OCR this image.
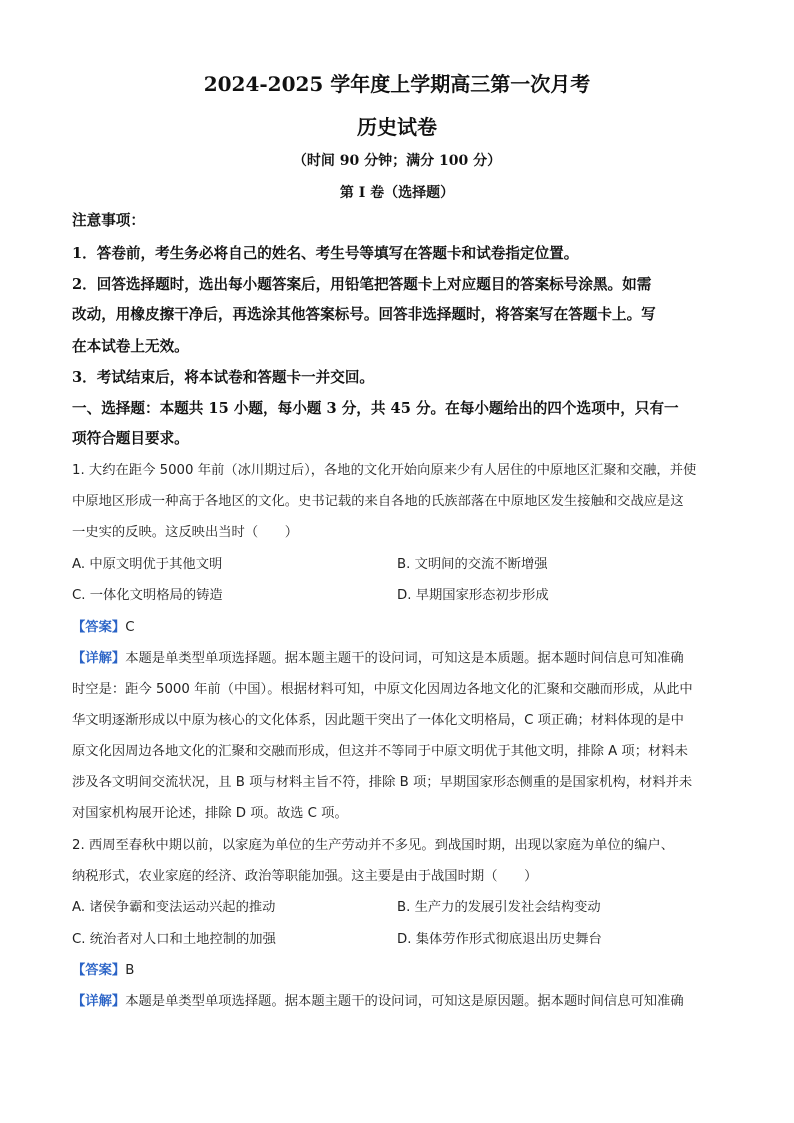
2024-2025 学年度上学期高三第一次月考
历史试卷
（时间 90 分钟；满分 100 分）
第 I 卷（选择题）
注意事项：
1．答卷前，考生务必将自己的姓名、考生号等填写在答题卡和试卷指定位置。
2．回答选择题时，选出每小题答案后，用铅笔把答题卡上对应题目的答案标号涂黑。如需
改动，用橡皮擦干净后，再选涂其他答案标号。回答非选择题时，将答案写在答题卡上。写
在本试卷上无效。
3．考试结束后，将本试卷和答题卡一并交回。
一、选择题：本题共 15 小题，每小题 3 分，共 45 分。在每小题给出的四个选项中，只有一
项符合题目要求。
1. 大约在距今 5000 年前（冰川期过后），各地的文化开始向原来少有人居住的中原地区汇聚和交融，并使
中原地区形成一种高于各地区的文化。史书记载的来自各地的氏族部落在中原地区发生接触和交战应是这
一史实的反映。这反映出当时（　　）
A. 中原文明优于其他文明	B. 文明间的交流不断增强
C. 一体化文明格局的铸造	D. 早期国家形态初步形成
【答案】C
【详解】本题是单类型单项选择题。据本题主题干的设问词，可知这是本质题。据本题时间信息可知准确
时空是：距今 5000 年前（中国）。根据材料可知，中原文化因周边各地文化的汇聚和交融而形成，从此中
华文明逐渐形成以中原为核心的文化体系，因此题干突出了一体化文明格局，C 项正确；材料体现的是中
原文化因周边各地文化的汇聚和交融而形成，但这并不等同于中原文明优于其他文明，排除 A 项；材料未
涉及各文明间交流状况，且 B 项与材料主旨不符，排除 B 项；早期国家形态侧重的是国家机构，材料并未
对国家机构展开论述，排除 D 项。故选 C 项。
2. 西周至春秋中期以前，以家庭为单位的生产劳动并不多见。到战国时期，出现以家庭为单位的编户、
纳税形式，农业家庭的经济、政治等职能加强。这主要是由于战国时期（　　）
A. 诸侯争霸和变法运动兴起的推动	B. 生产力的发展引发社会结构变动
C. 统治者对人口和土地控制的加强	D. 集体劳作形式彻底退出历史舞台
【答案】B
【详解】本题是单类型单项选择题。据本题主题干的设问词，可知这是原因题。据本题时间信息可知准确
